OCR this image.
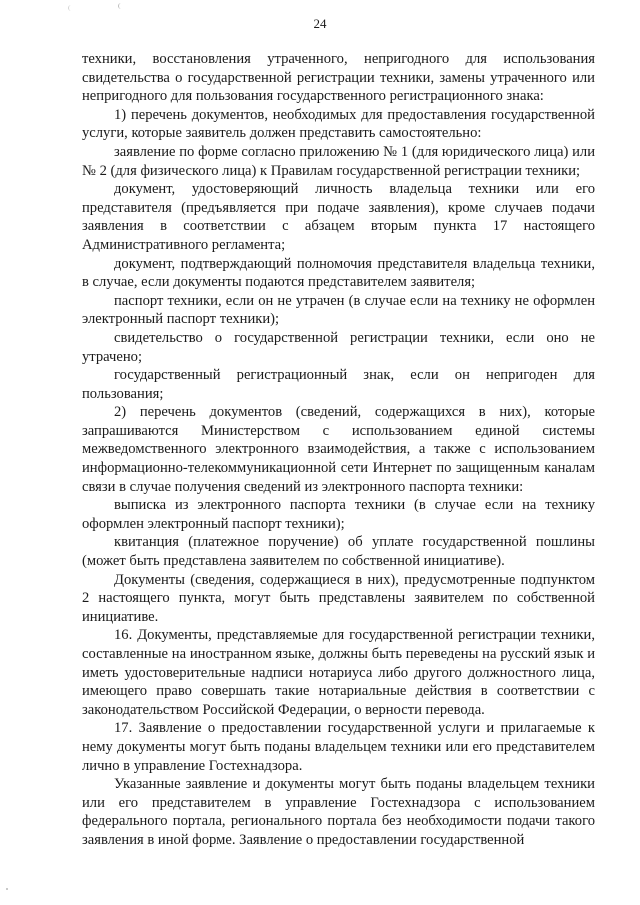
24

техники, восстановления утраченного, непригодного для использования свидетельства о государственной регистрации техники, замены утраченного или непригодного для пользования государственного регистрационного знака:

1) перечень документов, необходимых для предоставления государственной услуги, которые заявитель должен представить самостоятельно:

заявление по форме согласно приложению № 1 (для юридического лица) или № 2 (для физического лица) к Правилам государственной регистрации техники;

документ, удостоверяющий личность владельца техники или его представителя (предъявляется при подаче заявления), кроме случаев подачи заявления в соответствии с абзацем вторым пункта 17 настоящего Административного регламента;

документ, подтверждающий полномочия представителя владельца техники, в случае, если документы подаются представителем заявителя;

паспорт техники, если он не утрачен (в случае если на технику не оформлен электронный паспорт техники);

свидетельство о государственной регистрации техники, если оно не утрачено;

государственный регистрационный знак, если он непригоден для пользования;

2) перечень документов (сведений, содержащихся в них), которые запрашиваются Министерством с использованием единой системы межведомственного электронного взаимодействия, а также с использованием информационно-телекоммуникационной сети Интернет по защищенным каналам связи в случае получения сведений из электронного паспорта техники:

выписка из электронного паспорта техники (в случае если на технику оформлен электронный паспорт техники);

квитанция (платежное поручение) об уплате государственной пошлины (может быть представлена заявителем по собственной инициативе).

Документы (сведения, содержащиеся в них), предусмотренные подпунктом 2 настоящего пункта, могут быть представлены заявителем по собственной инициативе.

16. Документы, представляемые для государственной регистрации техники, составленные на иностранном языке, должны быть переведены на русский язык и иметь удостоверительные надписи нотариуса либо другого должностного лица, имеющего право совершать такие нотариальные действия в соответствии с законодательством Российской Федерации, о верности перевода.

17. Заявление о предоставлении государственной услуги и прилагаемые к нему документы могут быть поданы владельцем техники или его представителем лично в управление Гостехнадзора.

Указанные заявление и документы могут быть поданы владельцем техники или его представителем в управление Гостехнадзора с использованием федерального портала, регионального портала без необходимости подачи такого заявления в иной форме. Заявление о предоставлении государственной
